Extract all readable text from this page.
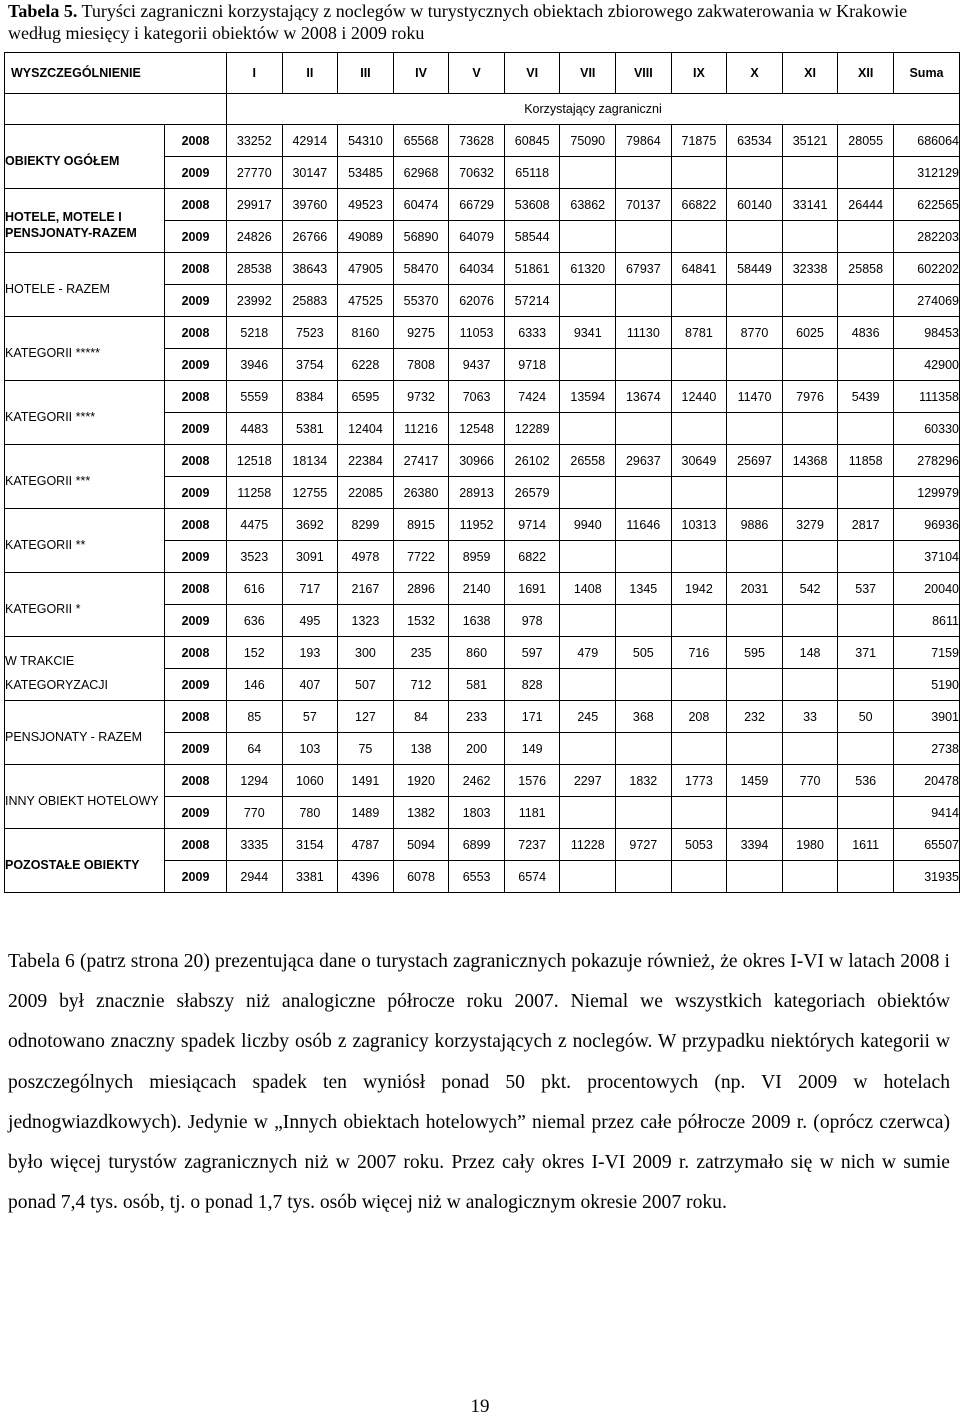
Tabela 5. Turyści zagraniczni korzystający z noclegów w turystycznych obiektach zbiorowego zakwaterowania w Krakowie według miesięcy i kategorii obiektów w 2008 i 2009 roku
WYSZCZEGÓLNIENIE		I	II	III	IV	V	VI	VII	VIII	IX	X	XI	XII	Suma
		Korzystający zagraniczni												

OBIEKTY OGÓŁEM	2008	33252	42914	54310	65568	73628	60845	75090	79864	71875	63534	35121	28055	686064
	2009	27770	30147	53485	62968	70632	65118							312129

HOTELE, MOTELE I PENSJONATY-RAZEM	2008	29917	39760	49523	60474	66729	53608	63862	70137	66822	60140	33141	26444	622565
	2009	24826	26766	49089	56890	64079	58544							282203

HOTELE - RAZEM	2008	28538	38643	47905	58470	64034	51861	61320	67937	64841	58449	32338	25858	602202
	2009	23992	25883	47525	55370	62076	57214							274069

KATEGORII *****	2008	5218	7523	8160	9275	11053	6333	9341	11130	8781	8770	6025	4836	98453
	2009	3946	3754	6228	7808	9437	9718							42900

KATEGORII ****	2008	5559	8384	6595	9732	7063	7424	13594	13674	12440	11470	7976	5439	111358
	2009	4483	5381	12404	11216	12548	12289							60330

KATEGORII ***	2008	12518	18134	22384	27417	30966	26102	26558	29637	30649	25697	14368	11858	278296
	2009	11258	12755	22085	26380	28913	26579							129979

KATEGORII **	2008	4475	3692	8299	8915	11952	9714	9940	11646	10313	9886	3279	2817	96936
	2009	3523	3091	4978	7722	8959	6822							37104

KATEGORII *	2008	616	717	2167	2896	2140	1691	1408	1345	1942	2031	542	537	20040
	2009	636	495	1323	1532	1638	978							8611

W TRAKCIE KATEGORYZACJI	2008	152	193	300	235	860	597	479	505	716	595	148	371	7159
	2009	146	407	507	712	581	828							5190

PENSJONATY - RAZEM	2008	85	57	127	84	233	171	245	368	208	232	33	50	3901
	2009	64	103	75	138	200	149							2738

INNY OBIEKT HOTELOWY	2008	1294	1060	1491	1920	2462	1576	2297	1832	1773	1459	770	536	20478
	2009	770	780	1489	1382	1803	1181							9414

POZOSTAŁE OBIEKTY	2008	3335	3154	4787	5094	6899	7237	11228	9727	5053	3394	1980	1611	65507
	2009	2944	3381	4396	6078	6553	6574							31935

Tabela 6 (patrz strona 20) prezentująca dane o turystach zagranicznych pokazuje również, że okres I-VI w latach 2008 i 2009 był znacznie słabszy niż analogiczne półrocze roku 2007. Niemal we wszystkich kategoriach obiektów odnotowano znaczny spadek liczby osób z zagranicy korzystających z noclegów. W przypadku niektórych kategorii w poszczególnych miesiącach spadek ten wyniósł ponad 50 pkt. procentowych (np. VI 2009 w hotelach jednogwiazdkowych). Jedynie w „Innych obiektach hotelowych” niemal przez całe półrocze 2009 r. (oprócz czerwca) było więcej turystów zagranicznych niż w 2007 roku. Przez cały okres I-VI 2009 r. zatrzymało się w nich w sumie ponad 7,4 tys. osób, tj. o ponad 1,7 tys. osób więcej niż w analogicznym okresie 2007 roku.

19
